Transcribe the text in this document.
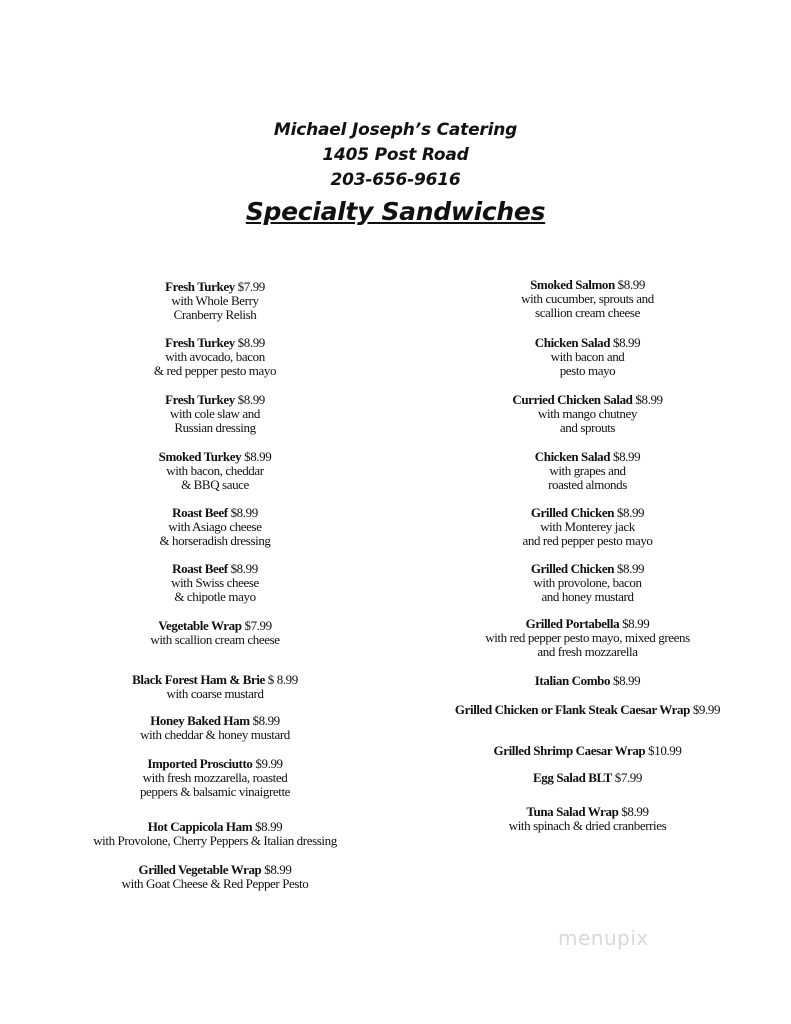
Michael Joseph’s Catering
1405 Post Road
203-656-9616
Specialty Sandwiches
Fresh Turkey $7.99
with Whole Berry
Cranberry Relish
Fresh Turkey $8.99
with avocado, bacon
& red pepper pesto mayo
Fresh Turkey $8.99
with cole slaw and
Russian dressing
Smoked Turkey $8.99
with bacon, cheddar
& BBQ sauce
Roast Beef $8.99
with Asiago cheese
& horseradish dressing
Roast Beef $8.99
with Swiss cheese
& chipotle mayo
Vegetable Wrap $7.99
with scallion cream cheese
Black Forest Ham & Brie $ 8.99
with coarse mustard
Honey Baked Ham $8.99
with cheddar & honey mustard
Imported Prosciutto $9.99
with fresh mozzarella, roasted
peppers & balsamic vinaigrette
Hot Cappicola Ham $8.99
with Provolone, Cherry Peppers & Italian dressing
Grilled Vegetable Wrap $8.99
with Goat Cheese & Red Pepper Pesto
Smoked Salmon $8.99
with cucumber, sprouts and
scallion cream cheese
Chicken Salad $8.99
with bacon and
pesto mayo
Curried Chicken Salad $8.99
with mango chutney
and sprouts
Chicken Salad $8.99
with grapes and
roasted almonds
Grilled Chicken $8.99
with Monterey jack
and red pepper pesto mayo
Grilled Chicken $8.99
with provolone, bacon
and honey mustard
Grilled Portabella $8.99
with red pepper pesto mayo, mixed greens
and fresh mozzarella
Italian Combo $8.99
Grilled Chicken or Flank Steak Caesar Wrap $9.99
Grilled Shrimp Caesar Wrap $10.99
Egg Salad BLT $7.99
Tuna Salad Wrap $8.99
with spinach & dried cranberries
menupix
